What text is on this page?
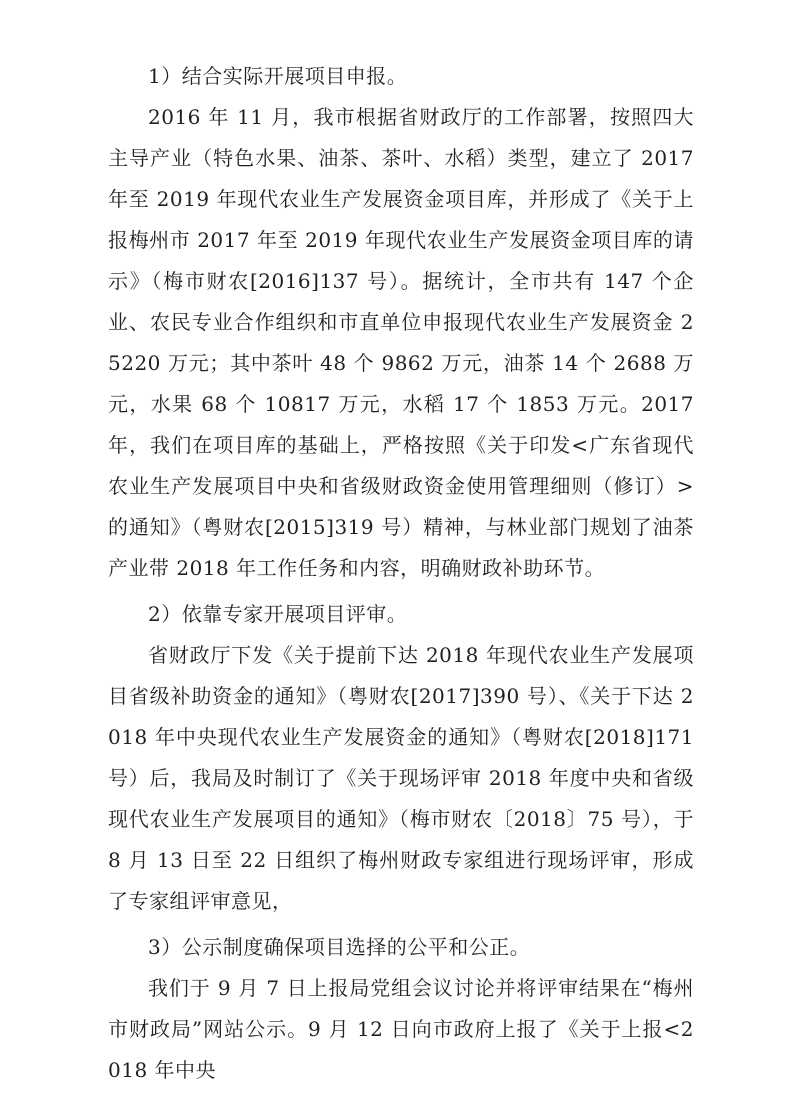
1）结合实际开展项目申报。

2016 年 11 月，我市根据省财政厅的工作部署，按照四大主导产业（特色水果、油茶、茶叶、水稻）类型，建立了 2017 年至 2019 年现代农业生产发展资金项目库，并形成了《关于上报梅州市 2017 年至 2019 年现代农业生产发展资金项目库的请示》（梅市财农[2016]137 号）。据统计，全市共有 147 个企业、农民专业合作组织和市直单位申报现代农业生产发展资金 25220 万元；其中茶叶 48 个 9862 万元，油茶 14 个 2688 万元，水果 68 个 10817 万元，水稻 17 个 1853 万元。2017 年，我们在项目库的基础上，严格按照《关于印发<广东省现代农业生产发展项目中央和省级财政资金使用管理细则（修订）>的通知》（粤财农[2015]319 号）精神，与林业部门规划了油茶产业带 2018 年工作任务和内容，明确财政补助环节。

2）依靠专家开展项目评审。

省财政厅下发《关于提前下达 2018 年现代农业生产发展项目省级补助资金的通知》（粤财农[2017]390 号）、《关于下达 2018 年中央现代农业生产发展资金的通知》（粤财农[2018]171 号）后，我局及时制订了《关于现场评审 2018 年度中央和省级现代农业生产发展项目的通知》（梅市财农〔2018〕75 号），于 8 月 13 日至 22 日组织了梅州财政专家组进行现场评审，形成了专家组评审意见，

3）公示制度确保项目选择的公平和公正。

我们于 9 月 7 日上报局党组会议讨论并将评审结果在“梅州市财政局”网站公示。9 月 12 日向市政府上报了《关于上报<2018 年中央
